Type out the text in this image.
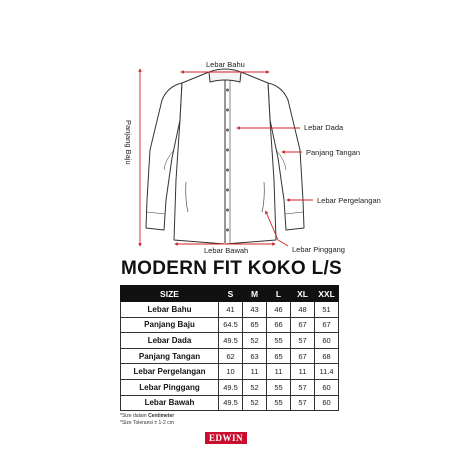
Lebar Bahu
Panjang Baju	Lebar Dada
Panjang Tangan
Lebar Pergelangan
Lebar Bawah	Lebar Pinggang
MODERN FIT KOKO L/S
SIZE	S	M	L	XL	XXL
Lebar Bahu	41	43	46	48	51
Panjang Baju	64.5	65	66	67	67
Lebar Dada	49.5	52	55	57	60
Panjang Tangan	62	63	65	67	68
Lebar Pergelangan	10	11	11	11	11.4
Lebar Pinggang	49.5	52	55	57	60
Lebar Bawah	49.5	52	55	57	60
*Size dalam Centimeter
*Size Toleransi ± 1-2 cm
EDWIN
